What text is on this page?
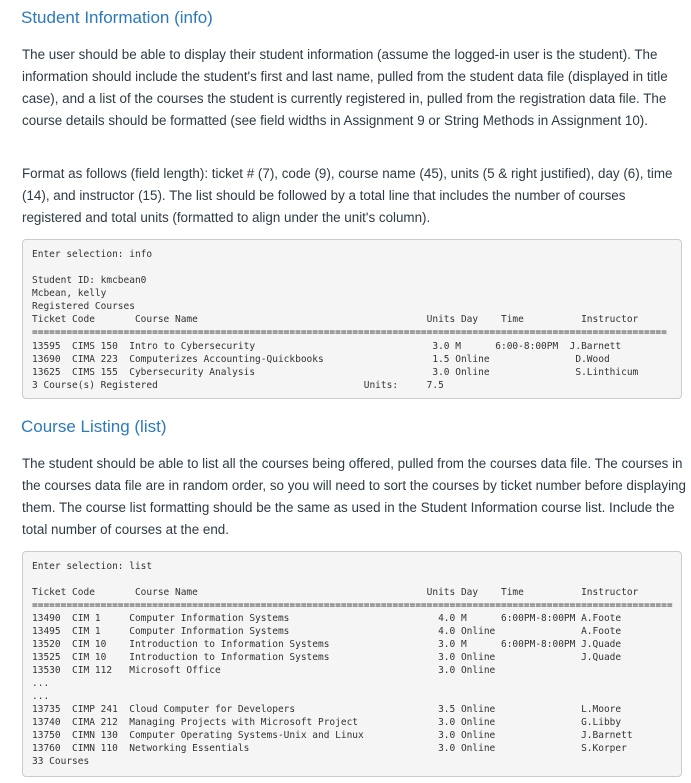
Student Information (info)

The user should be able to display their student information (assume the logged-in user is the student). The information should include the student's first and last name, pulled from the student data file (displayed in title case), and a list of the courses the student is currently registered in, pulled from the registration data file. The course details should be formatted (see field widths in Assignment 9 or String Methods in Assignment 10).

Format as follows (field length): ticket # (7), code (9), course name (45), units (5 & right justified), day (6), time (14), and instructor (15). The list should be followed by a total line that includes the number of courses registered and total units (formatted to align under the unit's column).

Enter selection: info

Student ID: kmcbean0
Mcbean, kelly
Registered Courses
Ticket Code       Course Name                                        Units Day    Time          Instructor
===============================================================================================================
13595  CIMS 150  Intro to Cybersecurity                               3.0 M      6:00-8:00PM  J.Barnett
13690  CIMA 223  Computerizes Accounting-Quickbooks                   1.5 Online               D.Wood
13625  CIMS 155  Cybersecurity Analysis                               3.0 Online               S.Linthicum
3 Course(s) Registered                                    Units:     7.5
Course Listing (list)

The student should be able to list all the courses being offered, pulled from the courses data file. The courses in the courses data file are in random order, so you will need to sort the courses by ticket number before displaying them. The course list formatting should be the same as used in the Student Information course list. Include the total number of courses at the end.

Enter selection: list

Ticket Code       Course Name                                        Units Day    Time          Instructor
================================================================================================================
13490  CIM 1     Computer Information Systems                          4.0 M      6:00PM-8:00PM A.Foote
13495  CIM 1     Computer Information Systems                          4.0 Online               A.Foote
13520  CIM 10    Introduction to Information Systems                   3.0 M      6:00PM-8:00PM J.Quade
13525  CIM 10    Introduction to Information Systems                   3.0 Online               J.Quade
13530  CIM 112   Microsoft Office                                      3.0 Online
...
...
13735  CIMP 241  Cloud Computer for Developers                         3.5 Online               L.Moore
13740  CIMA 212  Managing Projects with Microsoft Project              3.0 Online               G.Libby
13750  CIMN 130  Computer Operating Systems-Unix and Linux             3.0 Online               J.Barnett
13760  CIMN 110  Networking Essentials                                 3.0 Online               S.Korper
33 Courses
